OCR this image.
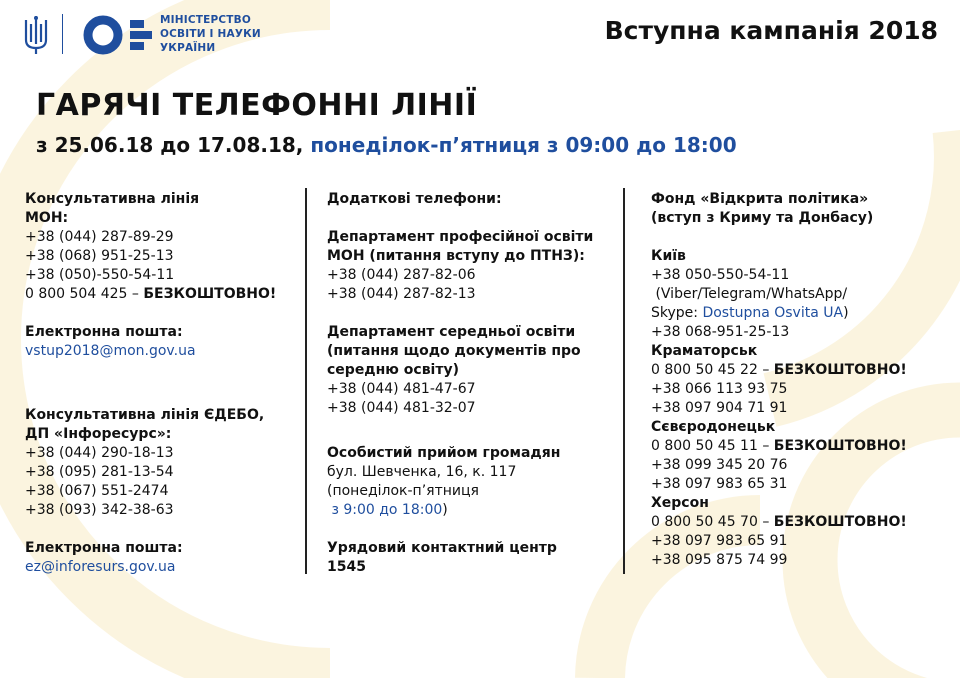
МІНІСТЕРСТВО
ОСВІТИ І НАУКИ
УКРАЇНИ
Вступна кампанія 2018
ГАРЯЧІ ТЕЛЕФОННІ ЛІНІЇ
з 25.06.18 до 17.08.18, понеділок-п’ятниця з 09:00 до 18:00
Консультативна лінія
МОН:
+38 (044) 287-89-29
+38 (068) 951-25-13
+38 (050)-550-54-11
0 800 504 425 – БЕЗКОШТОВНО!
Електронна пошта:
vstup2018@mon.gov.ua
Консультативна лінія ЄДЕБО,
ДП «Інфоресурс»:
+38 (044) 290-18-13
+38 (095) 281-13-54
+38 (067) 551-2474
+38 (093) 342-38-63
Електронна пошта:
ez@inforesurs.gov.ua
Додаткові телефони:
Департамент професійної освіти
МОН (питання вступу до ПТНЗ):
+38 (044) 287-82-06
+38 (044) 287-82-13
Департамент середньої освіти
(питання щодо документів про
середню освіту)
+38 (044) 481-47-67
+38 (044) 481-32-07
Особистий прийом громадян
бул. Шевченка, 16, к. 117
(понеділок-п’ятниця
з 9:00 до 18:00)
Урядовий контактний центр
1545
Фонд «Відкрита політика»
(вступ з Криму та Донбасу)
Київ
+38 050-550-54-11
(Viber/Telegram/WhatsApp/
Skype: Dostupna Osvita UA)
+38 068-951-25-13
Краматорськ
0 800 50 45 22 – БЕЗКОШТОВНО!
+38 066 113 93 75
+38 097 904 71 91
Сєвєродонецьк
0 800 50 45 11 – БЕЗКОШТОВНО!
+38 099 345 20 76
+38 097 983 65 31
Херсон
0 800 50 45 70 – БЕЗКОШТОВНО!
+38 097 983 65 91
+38 095 875 74 99
